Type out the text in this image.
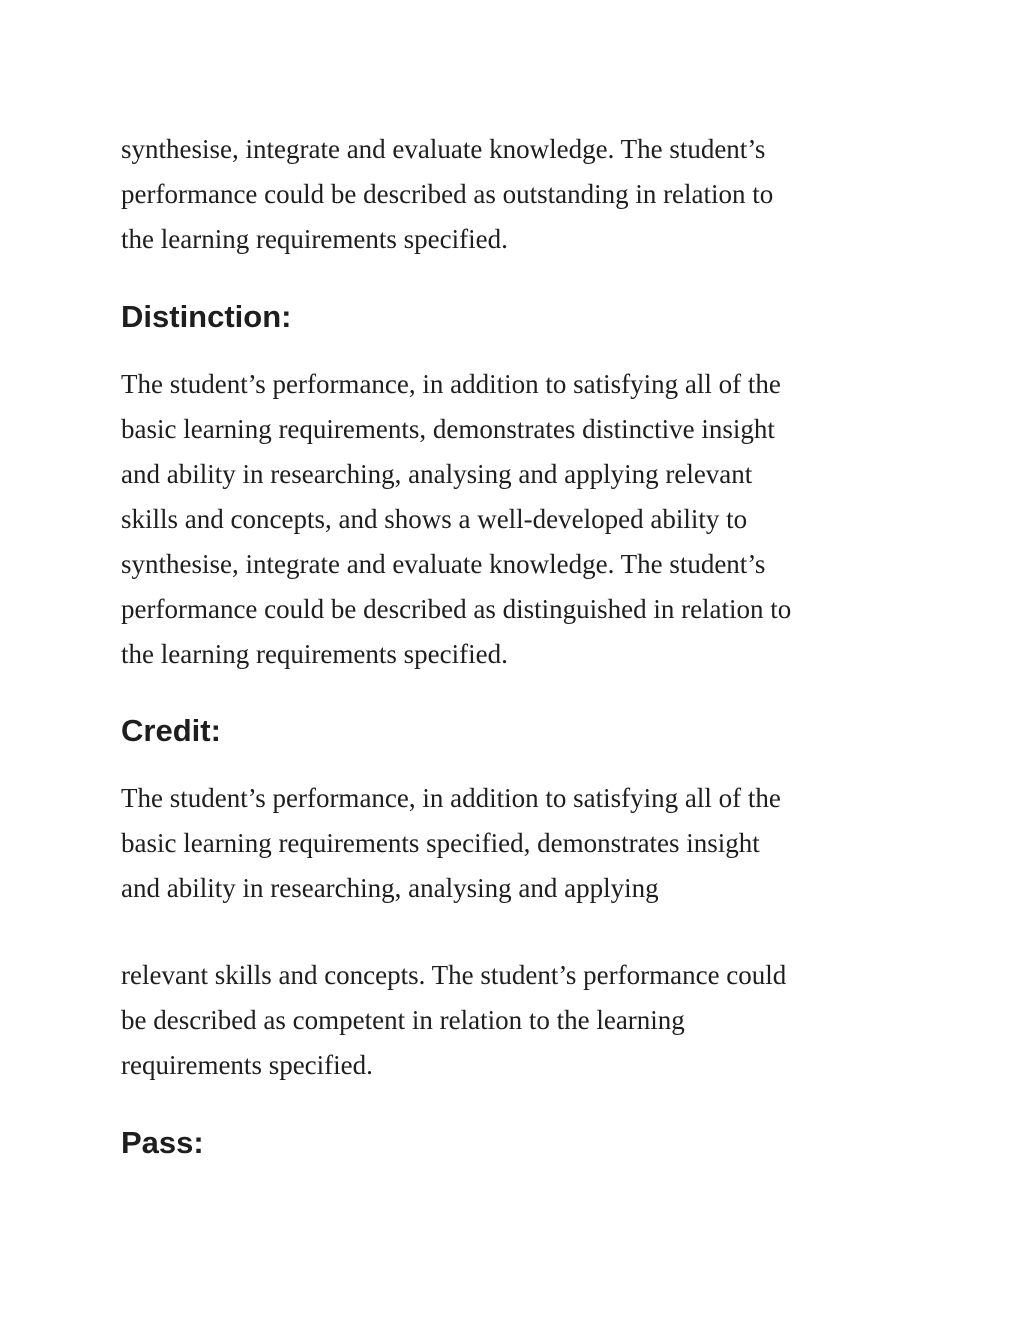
synthesise, integrate and evaluate knowledge. The student’s
performance could be described as outstanding in relation to
the learning requirements specified.

Distinction:

The student’s performance, in addition to satisfying all of the
basic learning requirements, demonstrates distinctive insight
and ability in researching, analysing and applying relevant
skills and concepts, and shows a well-developed ability to
synthesise, integrate and evaluate knowledge. The student’s
performance could be described as distinguished in relation to
the learning requirements specified.

Credit:

The student’s performance, in addition to satisfying all of the
basic learning requirements specified, demonstrates insight
and ability in researching, analysing and applying

relevant skills and concepts. The student’s performance could
be described as competent in relation to the learning
requirements specified.

Pass:
